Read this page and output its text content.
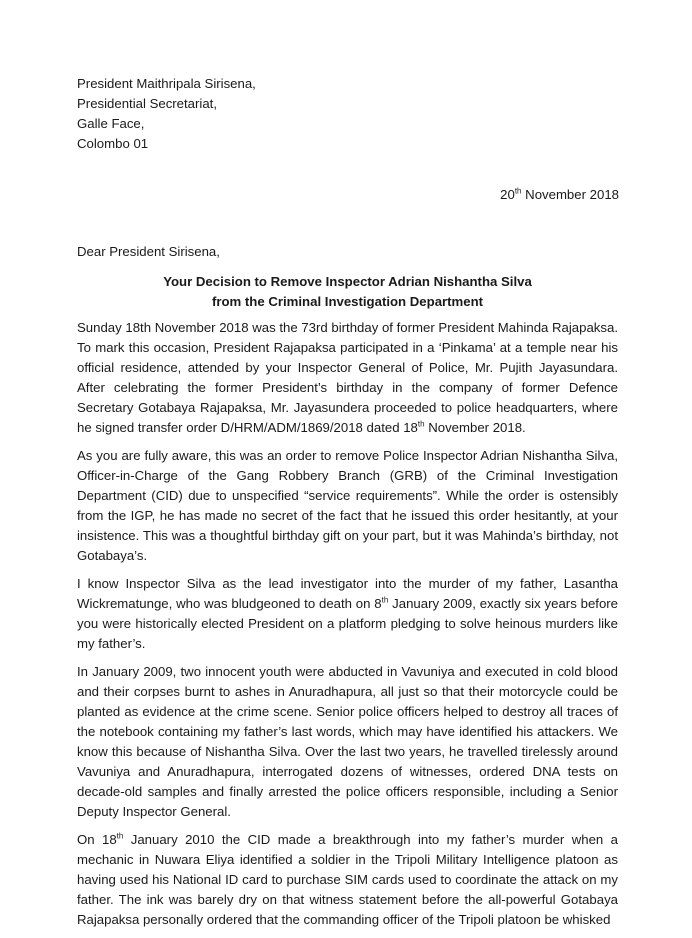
President Maithripala Sirisena,
Presidential Secretariat,
Galle Face,
Colombo 01
20th November 2018
Dear President Sirisena,
Your Decision to Remove Inspector Adrian Nishantha Silva
from the Criminal Investigation Department

Sunday 18th November 2018 was the 73rd birthday of former President Mahinda Rajapaksa. To mark this occasion, President Rajapaksa participated in a ‘Pinkama’ at a temple near his official residence, attended by your Inspector General of Police, Mr. Pujith Jayasundara. After celebrating the former President’s birthday in the company of former Defence Secretary Gotabaya Rajapaksa, Mr. Jayasundera proceeded to police headquarters, where he signed transfer order D/HRM/ADM/1869/2018 dated 18th November 2018.

As you are fully aware, this was an order to remove Police Inspector Adrian Nishantha Silva, Officer-in-Charge of the Gang Robbery Branch (GRB) of the Criminal Investigation Department (CID) due to unspecified “service requirements”. While the order is ostensibly from the IGP, he has made no secret of the fact that he issued this order hesitantly, at your insistence. This was a thoughtful birthday gift on your part, but it was Mahinda’s birthday, not Gotabaya’s.

I know Inspector Silva as the lead investigator into the murder of my father, Lasantha Wickrematunge, who was bludgeoned to death on 8th January 2009, exactly six years before you were historically elected President on a platform pledging to solve heinous murders like my father’s.

In January 2009, two innocent youth were abducted in Vavuniya and executed in cold blood and their corpses burnt to ashes in Anuradhapura, all just so that their motorcycle could be planted as evidence at the crime scene. Senior police officers helped to destroy all traces of the notebook containing my father’s last words, which may have identified his attackers. We know this because of Nishantha Silva. Over the last two years, he travelled tirelessly around Vavuniya and Anuradhapura, interrogated dozens of witnesses, ordered DNA tests on decade-old samples and finally arrested the police officers responsible, including a Senior Deputy Inspector General.

On 18th January 2010 the CID made a breakthrough into my father’s murder when a mechanic in Nuwara Eliya identified a soldier in the Tripoli Military Intelligence platoon as having used his National ID card to purchase SIM cards used to coordinate the attack on my father. The ink was barely dry on that witness statement before the all-powerful Gotabaya Rajapaksa personally ordered that the commanding officer of the Tripoli platoon be whisked
